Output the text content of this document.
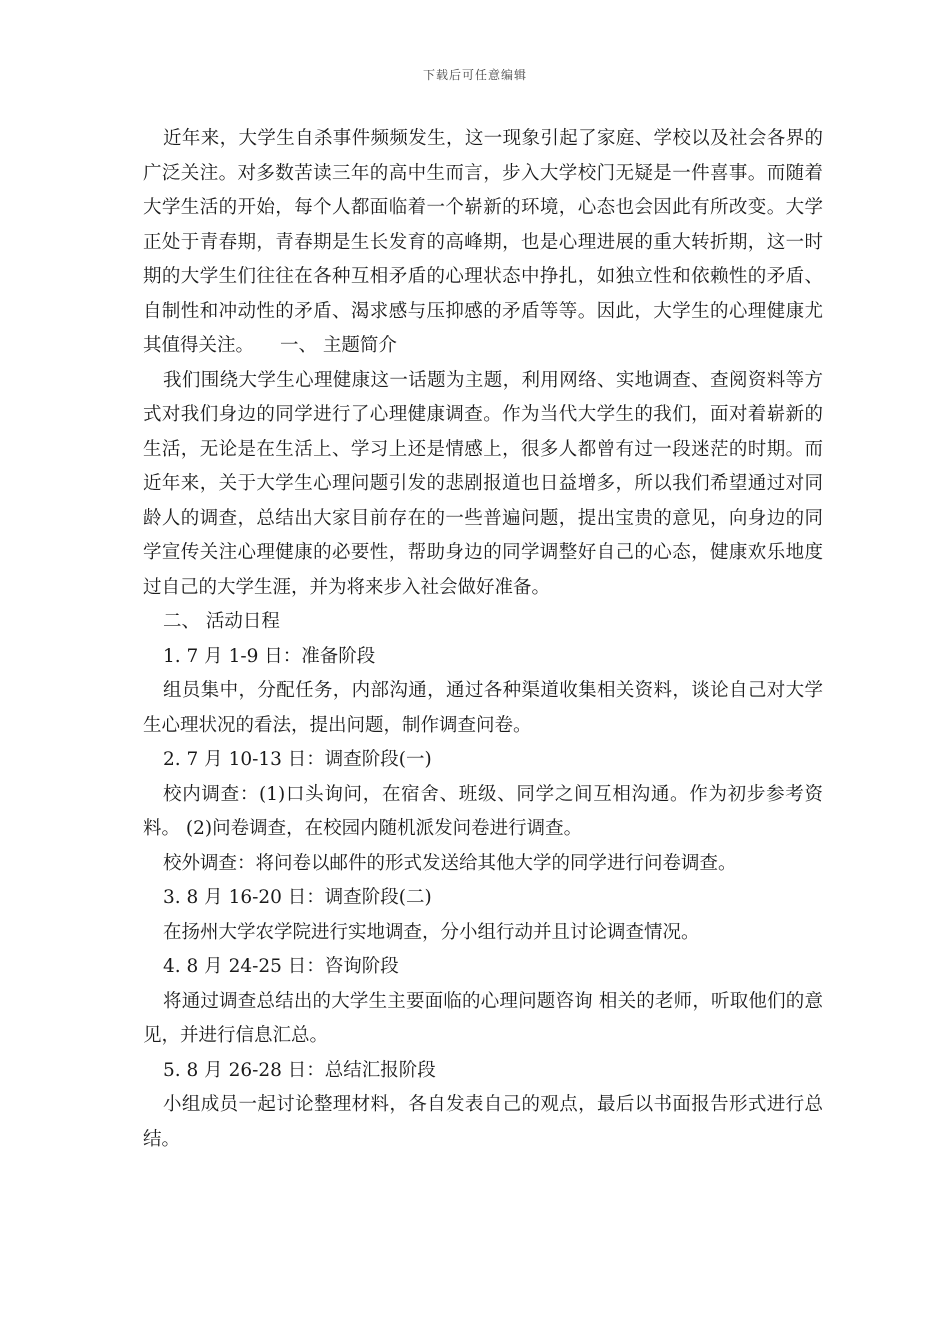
下载后可任意编辑

近年来，大学生自杀事件频频发生，这一现象引起了家庭、学校以及社会各界的广泛关注。对多数苦读三年的高中生而言，步入大学校门无疑是一件喜事。而随着大学生活的开始，每个人都面临着一个崭新的环境，心态也会因此有所改变。大学正处于青春期，青春期是生长发育的高峰期，也是心理进展的重大转折期，这一时期的大学生们往往在各种互相矛盾的心理状态中挣扎，如独立性和依赖性的矛盾、自制性和冲动性的矛盾、渴求感与压抑感的矛盾等等。因此，大学生的心理健康尤其值得关注。 一、 主题简介

我们围绕大学生心理健康这一话题为主题，利用网络、实地调查、查阅资料等方式对我们身边的同学进行了心理健康调查。作为当代大学生的我们，面对着崭新的生活，无论是在生活上、学习上还是情感上，很多人都曾有过一段迷茫的时期。而近年来，关于大学生心理问题引发的悲剧报道也日益增多，所以我们希望通过对同龄人的调查，总结出大家目前存在的一些普遍问题，提出宝贵的意见，向身边的同学宣传关注心理健康的必要性，帮助身边的同学调整好自己的心态，健康欢乐地度过自己的大学生涯，并为将来步入社会做好准备。

二、 活动日程

1. 7 月 1-9 日：准备阶段

组员集中，分配任务，内部沟通，通过各种渠道收集相关资料，谈论自己对大学生心理状况的看法，提出问题，制作调查问卷。

2. 7 月 10-13 日：调查阶段(一)

校内调查：(1)口头询问，在宿舍、班级、同学之间互相沟通。作为初步参考资料。 (2)问卷调查，在校园内随机派发问卷进行调查。

校外调查：将问卷以邮件的形式发送给其他大学的同学进行问卷调查。

3. 8 月 16-20 日：调查阶段(二)

在扬州大学农学院进行实地调查，分小组行动并且讨论调查情况。

4. 8 月 24-25 日：咨询阶段

将通过调查总结出的大学生主要面临的心理问题咨询 相关的老师，听取他们的意见，并进行信息汇总。

5. 8 月 26-28 日：总结汇报阶段

小组成员一起讨论整理材料，各自发表自己的观点，最后以书面报告形式进行总结。
